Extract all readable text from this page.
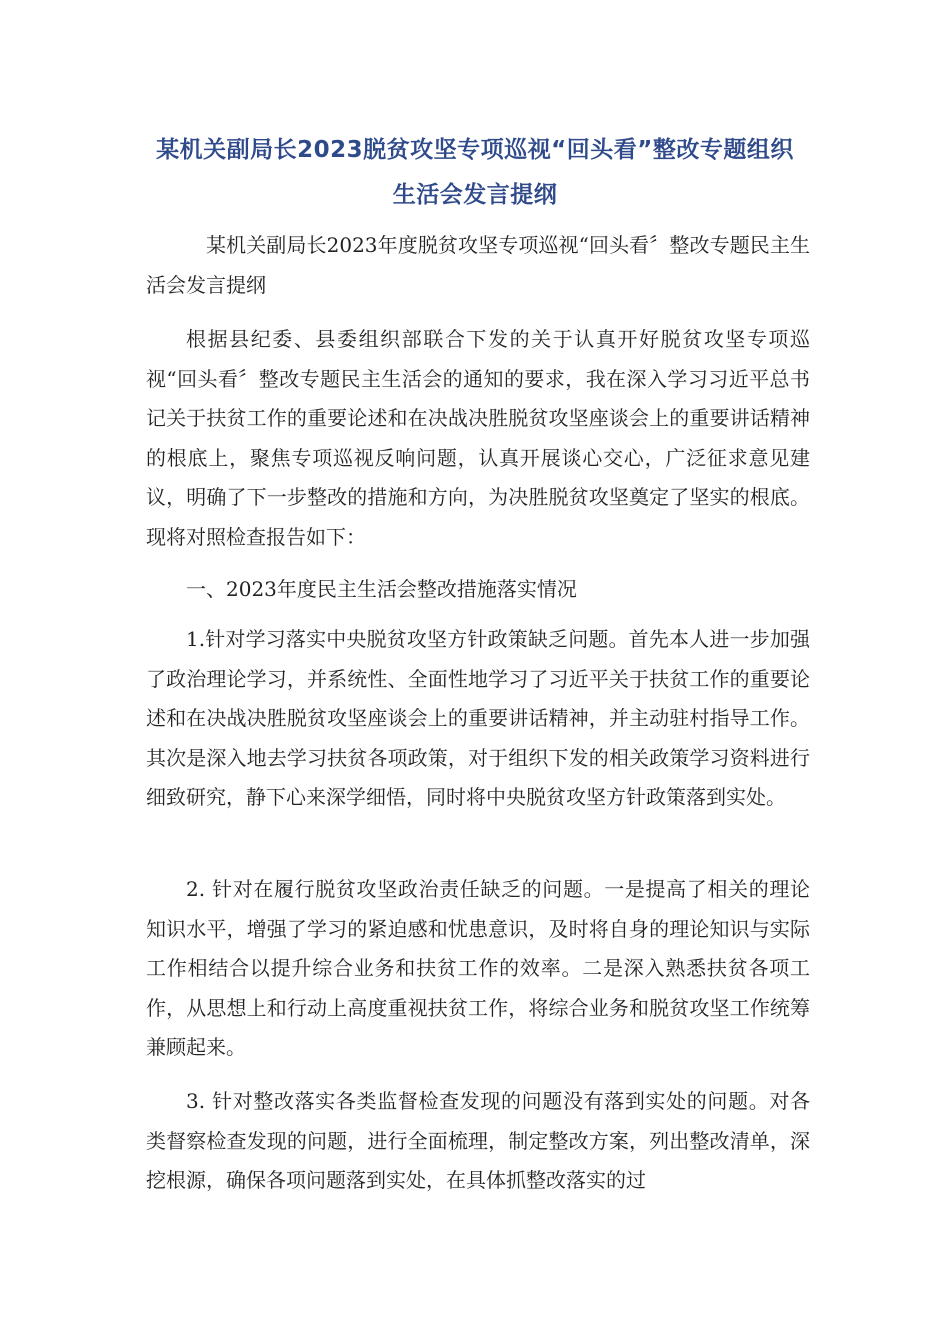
某机关副局长2023脱贫攻坚专项巡视“回头看”整改专题组织
生活会发言提纲

某机关副局长2023年度脱贫攻坚专项巡视“回头看〞整改专题民主生活会发言提纲

根据县纪委、县委组织部联合下发的关于认真开好脱贫攻坚专项巡视“回头看〞整改专题民主生活会的通知的要求，我在深入学习习近平总书记关于扶贫工作的重要论述和在决战决胜脱贫攻坚座谈会上的重要讲话精神的根底上，聚焦专项巡视反响问题，认真开展谈心交心，广泛征求意见建议，明确了下一步整改的措施和方向，为决胜脱贫攻坚奠定了坚实的根底。现将对照检查报告如下：

一、2023年度民主生活会整改措施落实情况

1.针对学习落实中央脱贫攻坚方针政策缺乏问题。首先本人进一步加强了政治理论学习，并系统性、全面性地学习了习近平关于扶贫工作的重要论述和在决战决胜脱贫攻坚座谈会上的重要讲话精神，并主动驻村指导工作。其次是深入地去学习扶贫各项政策，对于组织下发的相关政策学习资料进行细致研究，静下心来深学细悟，同时将中央脱贫攻坚方针政策落到实处。

2. 针对在履行脱贫攻坚政治责任缺乏的问题。一是提高了相关的理论知识水平，增强了学习的紧迫感和忧患意识，及时将自身的理论知识与实际工作相结合以提升综合业务和扶贫工作的效率。二是深入熟悉扶贫各项工作，从思想上和行动上高度重视扶贫工作，将综合业务和脱贫攻坚工作统筹兼顾起来。

3. 针对整改落实各类监督检查发现的问题没有落到实处的问题。对各类督察检查发现的问题，进行全面梳理，制定整改方案，列出整改清单，深挖根源，确保各项问题落到实处，在具体抓整改落实的过
